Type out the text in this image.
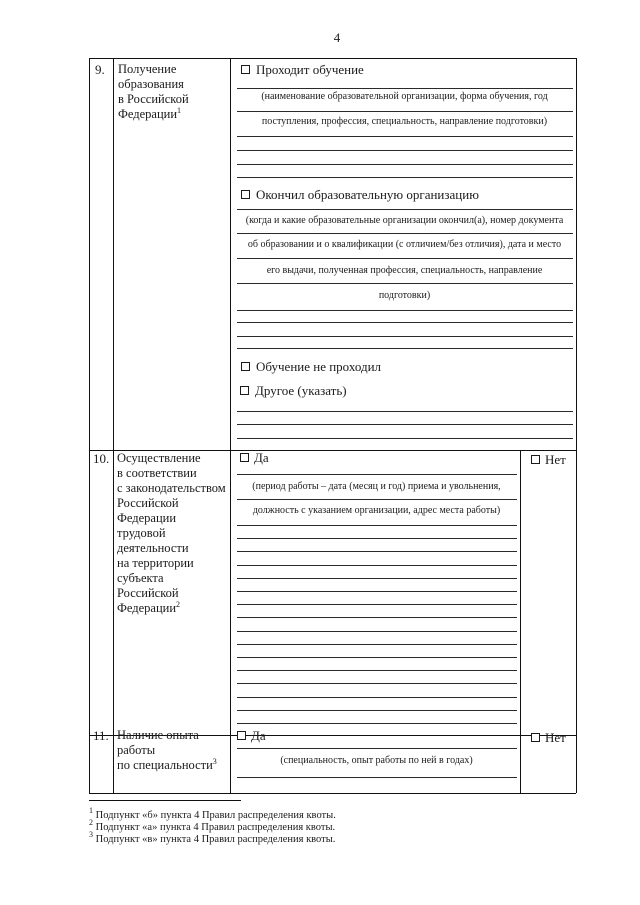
4
9. Получение
образования
в Российской
Федерации$^1$
Проходит обучение
(наименование образовательной организации, форма обучения, год
поступления, профессия, специальность, направление подготовки)
Окончил образовательную организацию
(когда и какие образовательные организации окончил(а), номер документа
об образовании и о квалификации (с отличием/без отличия), дата и место
его выдачи, полученная профессия, специальность, направление
подготовки)
Обучение не проходил
Другое (указать)
10. Осуществление
в соответствии
с законодательством
Российской
Федерации
трудовой
деятельности
на территории
субъекта
Российской
Федерации$^2$
Да	Нет
(период работы – дата (месяц и год) приема и увольнения,
должность с указанием организации, адрес места работы)
11. Наличие опыта
работы
по специальности$^3$
Да	Нет
(специальность, опыт работы по ней в годах)
$^1$ Подпункт «б» пункта 4 Правил распределения квоты.
$^2$ Подпункт «а» пункта 4 Правил распределения квоты.
$^3$ Подпункт «в» пункта 4 Правил распределения квоты.
